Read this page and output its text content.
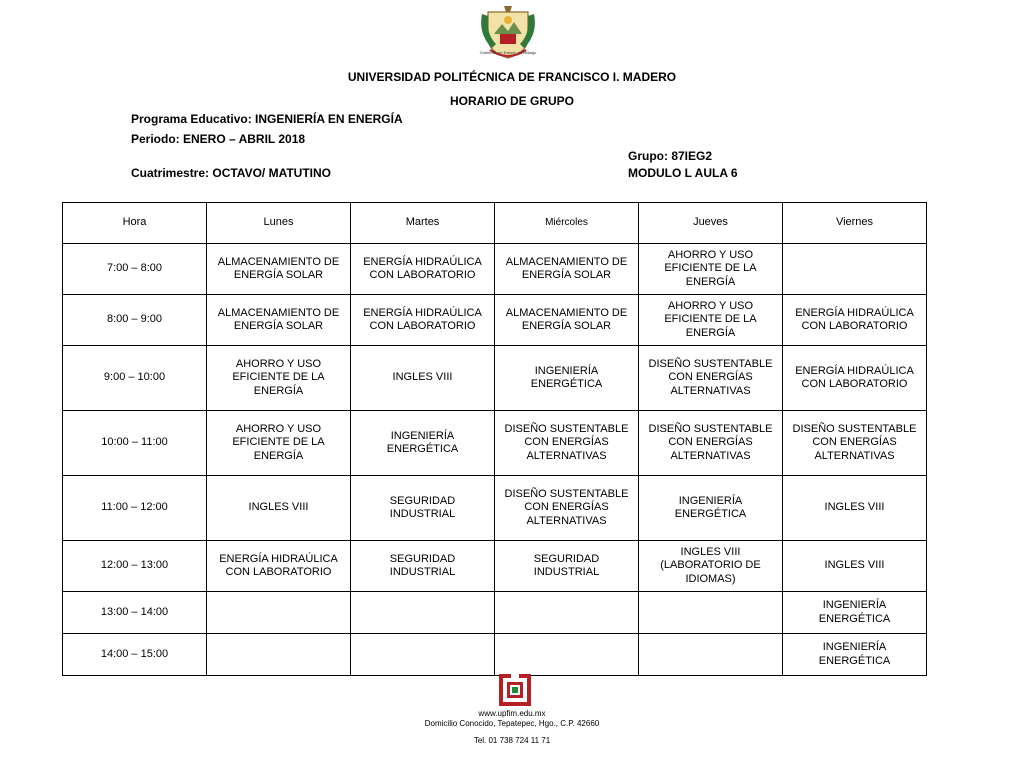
Gobierno del Estado de Hidalgo
UNIVERSIDAD POLITÉCNICA DE FRANCISCO I. MADERO
HORARIO DE GRUPO
Programa Educativo: INGENIERÍA EN ENERGÍA
Periodo: ENERO – ABRIL 2018
Grupo: 87IEG2
Cuatrimestre: OCTAVO/ MATUTINO	MODULO L AULA 6
Hora	Lunes	Martes	Miércoles	Jueves	Viernes
7:00 – 8:00	ALMACENAMIENTO DE ENERGÍA SOLAR	ENERGÍA HIDRAÚLICA CON LABORATORIO	ALMACENAMIENTO DE ENERGÍA SOLAR	AHORRO Y USO EFICIENTE DE LA ENERGÍA	
8:00 – 9:00	ALMACENAMIENTO DE ENERGÍA SOLAR	ENERGÍA HIDRAÚLICA CON LABORATORIO	ALMACENAMIENTO DE ENERGÍA SOLAR	AHORRO Y USO EFICIENTE DE LA ENERGÍA	ENERGÍA HIDRAÚLICA CON LABORATORIO
9:00 – 10:00	AHORRO Y USO EFICIENTE DE LA ENERGÍA	INGLES VIII	INGENIERÍA ENERGÉTICA	DISEÑO SUSTENTABLE CON ENERGÍAS ALTERNATIVAS	ENERGÍA HIDRAÚLICA CON LABORATORIO
10:00 – 11:00	AHORRO Y USO EFICIENTE DE LA ENERGÍA	INGENIERÍA ENERGÉTICA	DISEÑO SUSTENTABLE CON ENERGÍAS ALTERNATIVAS	DISEÑO SUSTENTABLE CON ENERGÍAS ALTERNATIVAS	DISEÑO SUSTENTABLE CON ENERGÍAS ALTERNATIVAS
11:00 – 12:00	INGLES VIII	SEGURIDAD INDUSTRIAL	DISEÑO SUSTENTABLE CON ENERGÍAS ALTERNATIVAS	INGENIERÍA ENERGÉTICA	INGLES VIII
12:00 – 13:00	ENERGÍA HIDRAÚLICA CON LABORATORIO	SEGURIDAD INDUSTRIAL	SEGURIDAD INDUSTRIAL	INGLES VIII (LABORATORIO DE IDIOMAS)	INGLES VIII
13:00 – 14:00					INGENIERÍA ENERGÉTICA
14:00 – 15:00					INGENIERÍA ENERGÉTICA
www.upfim.edu.mx
Domicilio Conocido, Tepatepec, Hgo., C.P. 42660
Tel. 01 738 724 11 71
